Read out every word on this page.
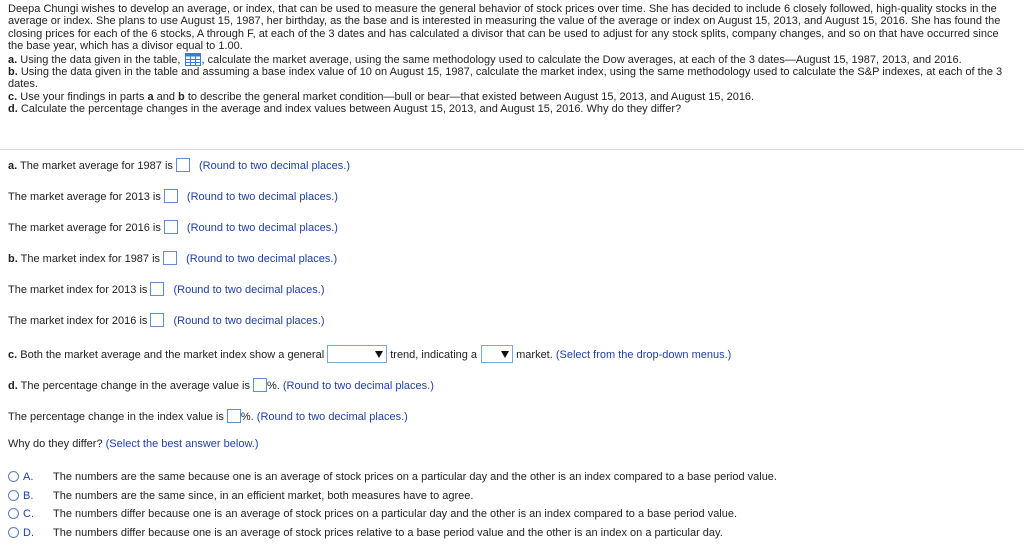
Deepa Chungi wishes to develop an average, or index, that can be used to measure the general behavior of stock prices over time. She has decided to include 6 closely followed, high-quality stocks in the average or index. She plans to use August 15, 1987, her birthday, as the base and is interested in measuring the value of the average or index on August 15, 2013, and August 15, 2016. She has found the closing prices for each of the 6 stocks, A through F, at each of the 3 dates and has calculated a divisor that can be used to adjust for any stock splits, company changes, and so on that have occurred since the base year, which has a divisor equal to 1.00.

a. Using the data given in the table, , calculate the market average, using the same methodology used to calculate the Dow averages, at each of the 3 dates—August 15, 1987, 2013, and 2016.

b. Using the data given in the table and assuming a base index value of 10 on August 15, 1987, calculate the market index, using the same methodology used to calculate the S&P indexes, at each of the 3 dates.

c. Use your findings in parts a and b to describe the general market condition—bull or bear—that existed between August 15, 2013, and August 15, 2016.

d. Calculate the percentage changes in the average and index values between August 15, 2013, and August 15, 2016. Why do they differ?

a. The market average for 1987 is (Round to two decimal places.)
The market average for 2013 is (Round to two decimal places.)
The market average for 2016 is (Round to two decimal places.)
b. The market index for 1987 is (Round to two decimal places.)
The market index for 2013 is (Round to two decimal places.)
The market index for 2016 is (Round to two decimal places.)
c. Both the market average and the market index show a general	trend, indicating a	market. (Select from the drop-down menus.)
d. The percentage change in the average value is %. (Round to two decimal places.)
The percentage change in the index value is %. (Round to two decimal places.)
Why do they differ? (Select the best answer below.)
A. The numbers are the same because one is an average of stock prices on a particular day and the other is an index compared to a base period value.
B. The numbers are the same since, in an efficient market, both measures have to agree.
C. The numbers differ because one is an average of stock prices on a particular day and the other is an index compared to a base period value.
D. The numbers differ because one is an average of stock prices relative to a base period value and the other is an index on a particular day.
